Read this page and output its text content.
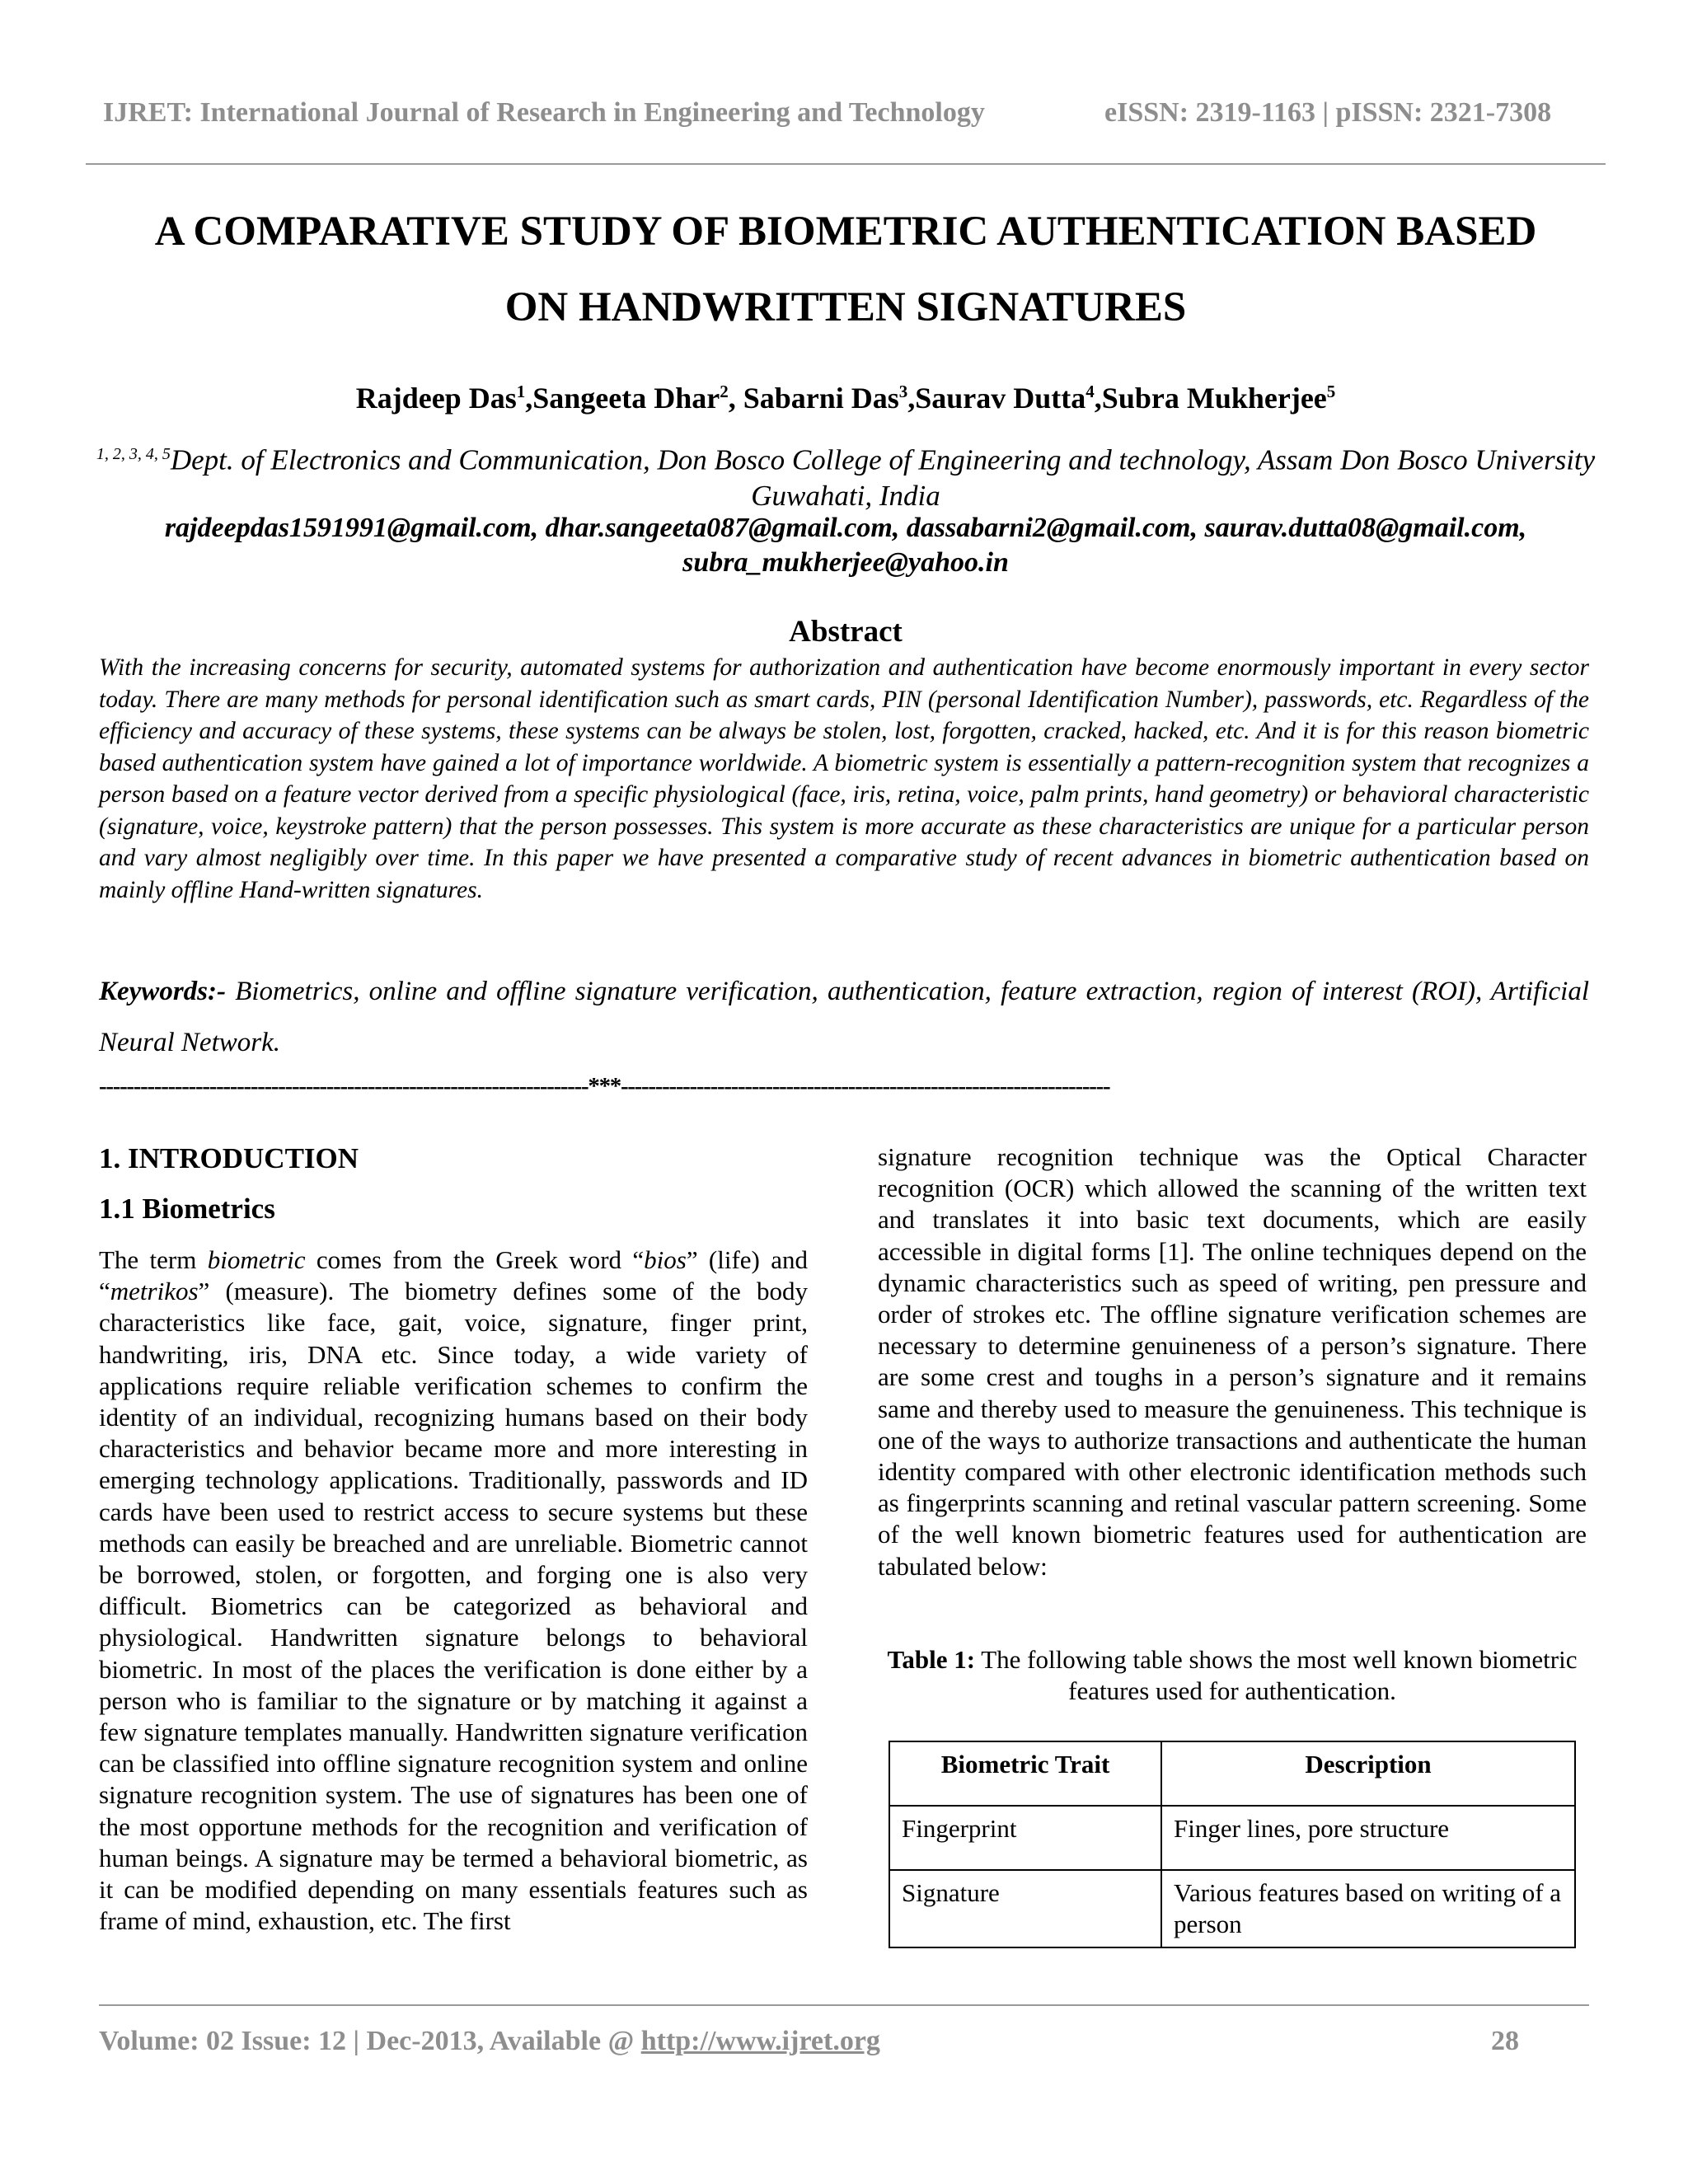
IJRET: International Journal of Research in Engineering and Technology	eISSN: 2319-1163 | pISSN: 2321-7308
A COMPARATIVE STUDY OF BIOMETRIC AUTHENTICATION BASED
ON HANDWRITTEN SIGNATURES
Rajdeep Das$^1$,Sangeeta Dhar$^2$, Sabarni Das$^3$,Saurav Dutta$^4$,Subra Mukherjee$^5$
$^{1, 2, 3, 4, 5}$Dept. of Electronics and Communication, Don Bosco College of Engineering and technology, Assam Don Bosco University Guwahati, India
rajdeepdas1591991@gmail.com, dhar.sangeeta087@gmail.com, dassabarni2@gmail.com, saurav.dutta08@gmail.com, subra_mukherjee@yahoo.in
Abstract
With the increasing concerns for security, automated systems for authorization and authentication have become enormously important in every sector today. There are many methods for personal identification such as smart cards, PIN (personal Identification Number), passwords, etc. Regardless of the efficiency and accuracy of these systems, these systems can be always be stolen, lost, forgotten, cracked, hacked, etc. And it is for this reason biometric based authentication system have gained a lot of importance worldwide. A biometric system is essentially a pattern-recognition system that recognizes a person based on a feature vector derived from a specific physiological (face, iris, retina, voice, palm prints, hand geometry) or behavioral characteristic (signature, voice, keystroke pattern) that the person possesses. This system is more accurate as these characteristics are unique for a particular person and vary almost negligibly over time. In this paper we have presented a comparative study of recent advances in biometric authentication based on mainly offline Hand-written signatures.
Keywords:- Biometrics, online and offline signature verification, authentication, feature extraction, region of interest (ROI), Artificial Neural Network.
-----------------------------------------------------------------------***-----------------------------------------------------------------------
1. INTRODUCTION
1.1 Biometrics
The term biometric comes from the Greek word “bios” (life) and “metrikos” (measure). The biometry defines some of the body characteristics like face, gait, voice, signature, finger print, handwriting, iris, DNA etc. Since today, a wide variety of applications require reliable verification schemes to confirm the identity of an individual, recognizing humans based on their body characteristics and behavior became more and more interesting in emerging technology applications. Traditionally, passwords and ID cards have been used to restrict access to secure systems but these methods can easily be breached and are unreliable. Biometric cannot be borrowed, stolen, or forgotten, and forging one is also very difficult. Biometrics can be categorized as behavioral and physiological. Handwritten signature belongs to behavioral biometric. In most of the places the verification is done either by a person who is familiar to the signature or by matching it against a few signature templates manually. Handwritten signature verification can be classified into offline signature recognition system and online signature recognition system. The use of signatures has been one of the most opportune methods for the recognition and verification of human beings. A signature may be termed a behavioral biometric, as it can be modified depending on many essentials features such as frame of mind, exhaustion, etc. The first
signature recognition technique was the Optical Character recognition (OCR) which allowed the scanning of the written text and translates it into basic text documents, which are easily accessible in digital forms [1]. The online techniques depend on the dynamic characteristics such as speed of writing, pen pressure and order of strokes etc. The offline signature verification schemes are necessary to determine genuineness of a person’s signature. There are some crest and toughs in a person’s signature and it remains same and thereby used to measure the genuineness. This technique is one of the ways to authorize transactions and authenticate the human identity compared with other electronic identification methods such as fingerprints scanning and retinal vascular pattern screening. Some of the well known biometric features used for authentication are tabulated below:
Table 1: The following table shows the most well known biometric features used for authentication.
Biometric Trait	Description
Fingerprint	Finger lines, pore structure
Signature	Various features based on writing of a person
Volume: 02 Issue: 12 | Dec-2013, Available @ http://www.ijret.org	28
